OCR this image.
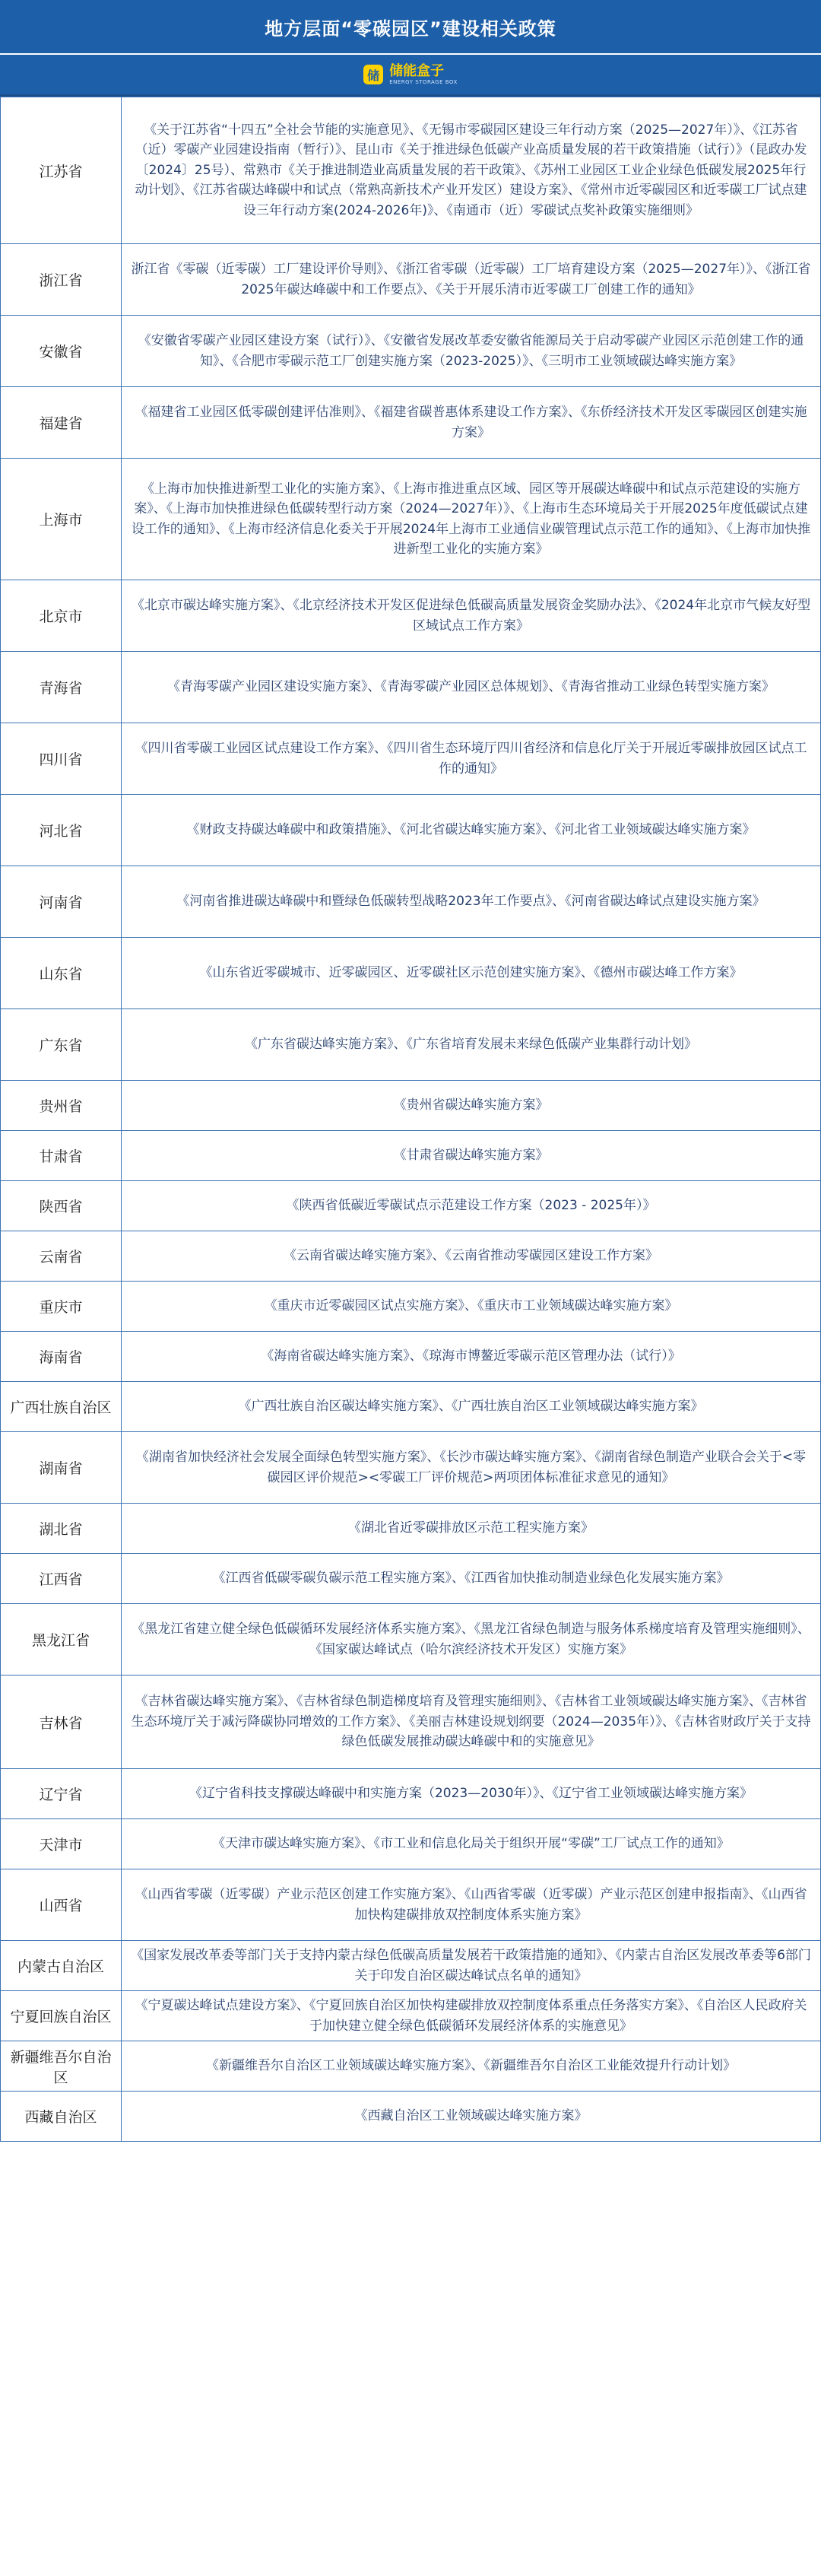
地方层面“零碳园区”建设相关政策
储 储能盒子
ENERGY STORAGE BOX
江苏省	《关于江苏省“十四五”全社会节能的实施意见》、《无锡市零碳园区建设三年行动方案（2025—2027年）》、《江苏省（近）零碳产业园建设指南（暂行）》、昆山市《关于推进绿色低碳产业高质量发展的若干政策措施（试行）》（昆政办发〔2024〕25号）、常熟市《关于推进制造业高质量发展的若干政策》、《苏州工业园区工业企业绿色低碳发展2025年行动计划》、《江苏省碳达峰碳中和试点（常熟高新技术产业开发区）建设方案》、《常州市近零碳园区和近零碳工厂试点建设三年行动方案(2024-2026年)》、《南通市（近）零碳试点奖补政策实施细则》
浙江省	浙江省《零碳（近零碳）工厂建设评价导则》、《浙江省零碳（近零碳）工厂培育建设方案（2025—2027年）》、《浙江省2025年碳达峰碳中和工作要点》、《关于开展乐清市近零碳工厂创建工作的通知》
安徽省	《安徽省零碳产业园区建设方案（试行）》、《安徽省发展改革委安徽省能源局关于启动零碳产业园区示范创建工作的通知》、《合肥市零碳示范工厂创建实施方案（2023-2025）》、《三明市工业领域碳达峰实施方案》
福建省	《福建省工业园区低零碳创建评估准则》、《福建省碳普惠体系建设工作方案》、《东侨经济技术开发区零碳园区创建实施方案》
上海市	《上海市加快推进新型工业化的实施方案》、《上海市推进重点区域、园区等开展碳达峰碳中和试点示范建设的实施方案》、《上海市加快推进绿色低碳转型行动方案（2024—2027年）》、《上海市生态环境局关于开展2025年度低碳试点建设工作的通知》、《上海市经济信息化委关于开展2024年上海市工业通信业碳管理试点示范工作的通知》、《上海市加快推进新型工业化的实施方案》
北京市	《北京市碳达峰实施方案》、《北京经济技术开发区促进绿色低碳高质量发展资金奖励办法》、《2024年北京市气候友好型区域试点工作方案》
青海省	《青海零碳产业园区建设实施方案》、《青海零碳产业园区总体规划》、《青海省推动工业绿色转型实施方案》
四川省	《四川省零碳工业园区试点建设工作方案》、《四川省生态环境厅四川省经济和信息化厅关于开展近零碳排放园区试点工作的通知》
河北省	《财政支持碳达峰碳中和政策措施》、《河北省碳达峰实施方案》、《河北省工业领域碳达峰实施方案》
河南省	《河南省推进碳达峰碳中和暨绿色低碳转型战略2023年工作要点》、《河南省碳达峰试点建设实施方案》
山东省	《山东省近零碳城市、近零碳园区、近零碳社区示范创建实施方案》、《德州市碳达峰工作方案》
广东省	《广东省碳达峰实施方案》、《广东省培育发展未来绿色低碳产业集群行动计划》
贵州省	《贵州省碳达峰实施方案》
甘肃省	《甘肃省碳达峰实施方案》
陕西省	《陕西省低碳近零碳试点示范建设工作方案（2023 - 2025年）》
云南省	《云南省碳达峰实施方案》、《云南省推动零碳园区建设工作方案》
重庆市	《重庆市近零碳园区试点实施方案》、《重庆市工业领域碳达峰实施方案》
海南省	《海南省碳达峰实施方案》、《琼海市博鳌近零碳示范区管理办法（试行）》
广西壮族自治区	《广西壮族自治区碳达峰实施方案》、《广西壮族自治区工业领域碳达峰实施方案》
湖南省	《湖南省加快经济社会发展全面绿色转型实施方案》、《长沙市碳达峰实施方案》、《湖南省绿色制造产业联合会关于<零碳园区评价规范><零碳工厂评价规范>两项团体标准征求意见的通知》
湖北省	《湖北省近零碳排放区示范工程实施方案》
江西省	《江西省低碳零碳负碳示范工程实施方案》、《江西省加快推动制造业绿色化发展实施方案》
黑龙江省	《黑龙江省建立健全绿色低碳循环发展经济体系实施方案》、《黑龙江省绿色制造与服务体系梯度培育及管理实施细则》、《国家碳达峰试点（哈尔滨经济技术开发区）实施方案》
吉林省	《吉林省碳达峰实施方案》、《吉林省绿色制造梯度培育及管理实施细则》、《吉林省工业领域碳达峰实施方案》、《吉林省生态环境厅关于减污降碳协同增效的工作方案》、《美丽吉林建设规划纲要（2024—2035年）》、《吉林省财政厅关于支持绿色低碳发展推动碳达峰碳中和的实施意见》
辽宁省	《辽宁省科技支撑碳达峰碳中和实施方案（2023—2030年）》、《辽宁省工业领域碳达峰实施方案》
天津市	《天津市碳达峰实施方案》、《市工业和信息化局关于组织开展“零碳”工厂试点工作的通知》
山西省	《山西省零碳（近零碳）产业示范区创建工作实施方案》、《山西省零碳（近零碳）产业示范区创建申报指南》、《山西省加快构建碳排放双控制度体系实施方案》
内蒙古自治区	《国家发展改革委等部门关于支持内蒙古绿色低碳高质量发展若干政策措施的通知》、《内蒙古自治区发展改革委等6部门关于印发自治区碳达峰试点名单的通知》
宁夏回族自治区	《宁夏碳达峰试点建设方案》、《宁夏回族自治区加快构建碳排放双控制度体系重点任务落实方案》、《自治区人民政府关于加快建立健全绿色低碳循环发展经济体系的实施意见》
新疆维吾尔自治区	《新疆维吾尔自治区工业领域碳达峰实施方案》、《新疆维吾尔自治区工业能效提升行动计划》
西藏自治区	《西藏自治区工业领域碳达峰实施方案》
